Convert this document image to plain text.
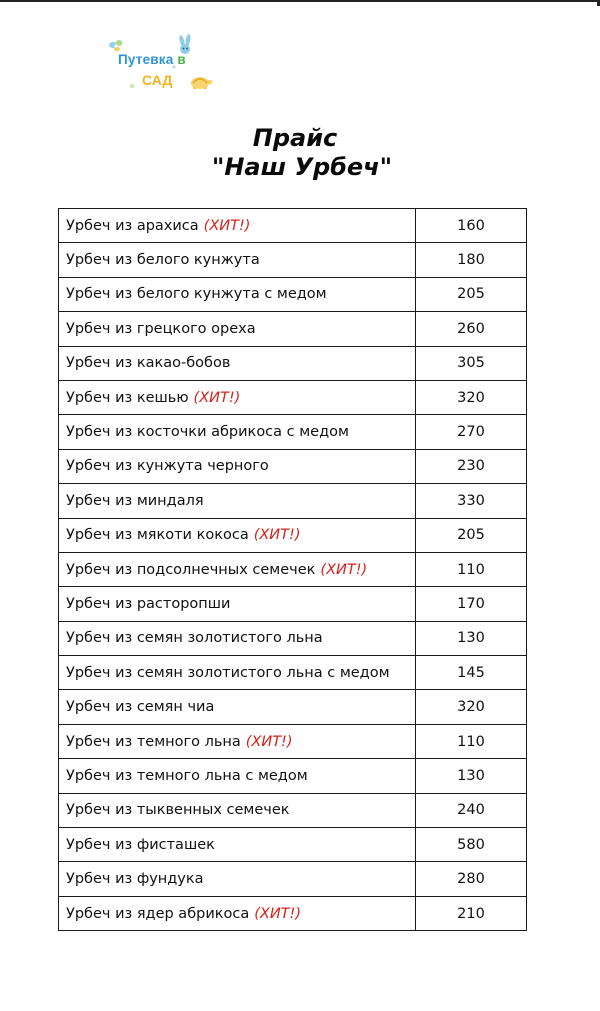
Путевка в
САД
Прайс
"Наш Урбеч"
Урбеч из арахиса (ХИТ!)	160
Урбеч из белого кунжута	180
Урбеч из белого кунжута с медом	205
Урбеч из грецкого ореха	260
Урбеч из какао-бобов	305
Урбеч из кешью (ХИТ!)	320
Урбеч из косточки абрикоса с медом	270
Урбеч из кунжута черного	230
Урбеч из миндаля	330
Урбеч из мякоти кокоса (ХИТ!)	205
Урбеч из подсолнечных семечек (ХИТ!)	110
Урбеч из расторопши	170
Урбеч из семян золотистого льна	130
Урбеч из семян золотистого льна с медом	145
Урбеч из семян чиа	320
Урбеч из темного льна (ХИТ!)	110
Урбеч из темного льна с медом	130
Урбеч из тыквенных семечек	240
Урбеч из фисташек	580
Урбеч из фундука	280
Урбеч из ядер абрикоса (ХИТ!)	210
